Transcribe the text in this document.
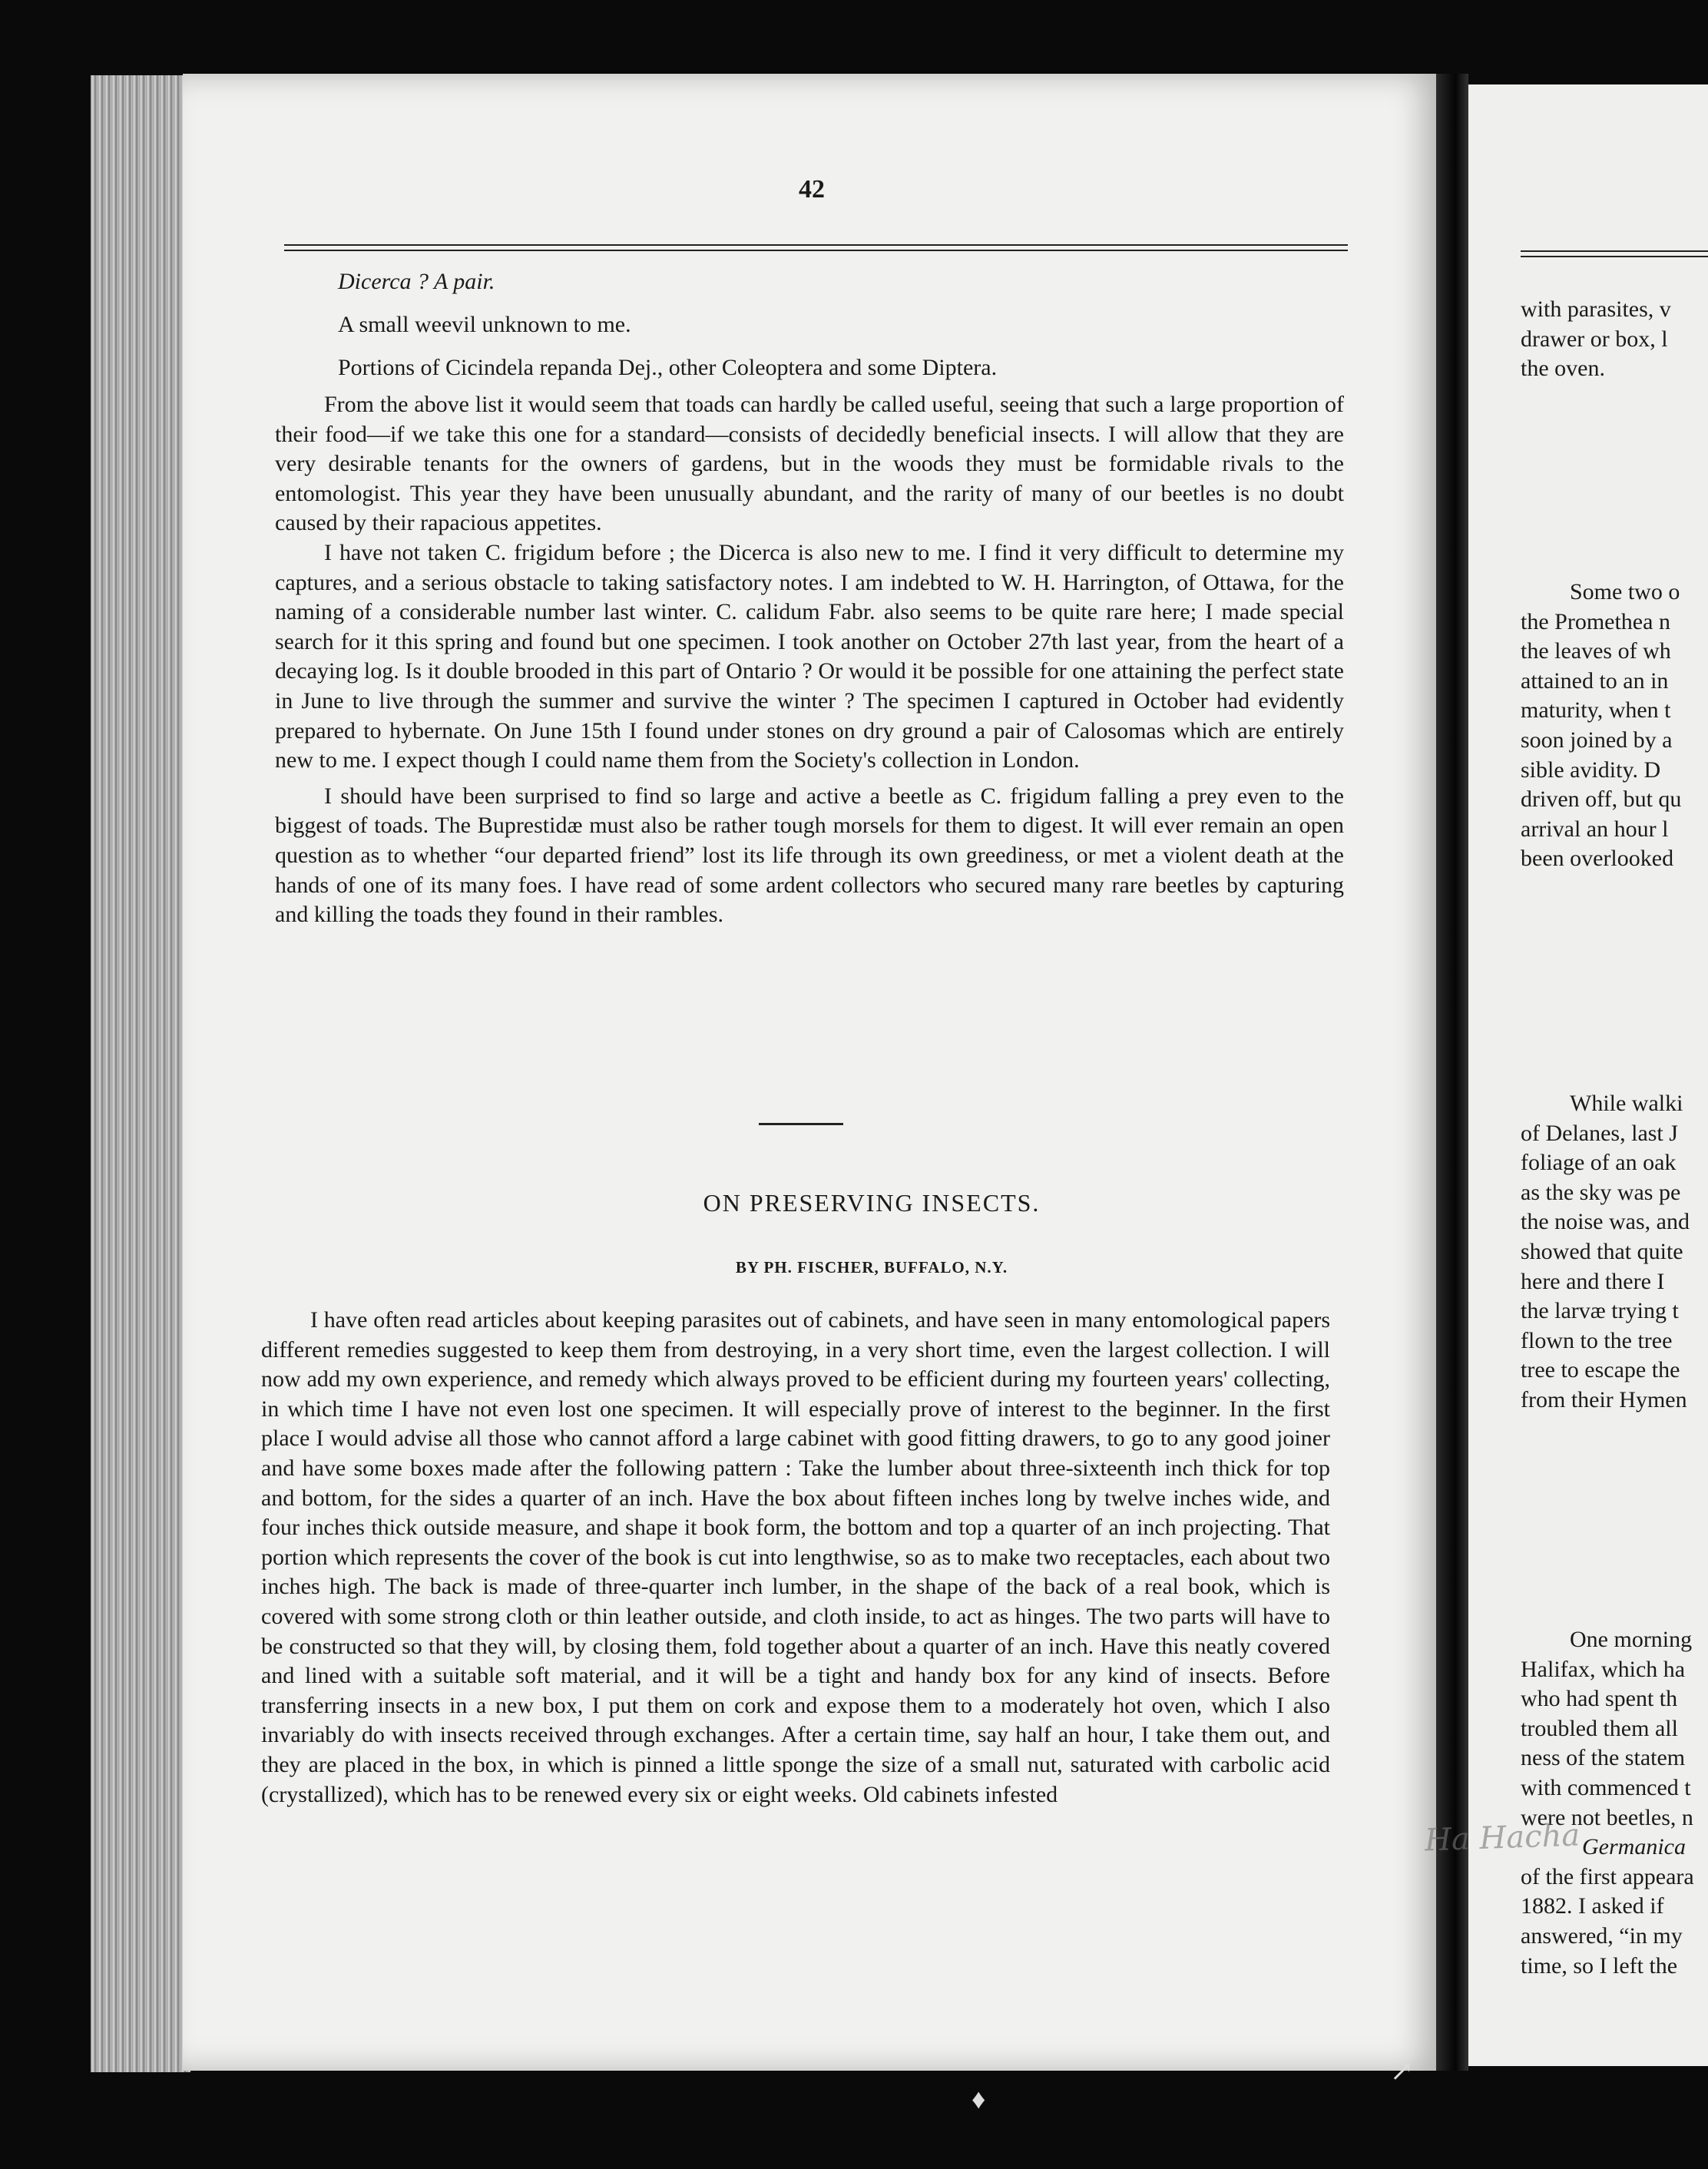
42
Dicerca ? A pair.
A small weevil unknown to me.
Portions of Cicindela repanda Dej., other Coleoptera and some Diptera.

From the above list it would seem that toads can hardly be called useful, seeing that such a large proportion of their food—if we take this one for a standard—consists of decidedly beneficial insects. I will allow that they are very desirable tenants for the owners of gardens, but in the woods they must be formidable rivals to the entomologist. This year they have been unusually abundant, and the rarity of many of our beetles is no doubt caused by their rapacious appetites.

I have not taken C. frigidum before ; the Dicerca is also new to me. I find it very difficult to determine my captures, and a serious obstacle to taking satisfactory notes. I am indebted to W. H. Harrington, of Ottawa, for the naming of a considerable number last winter. C. calidum Fabr. also seems to be quite rare here; I made special search for it this spring and found but one specimen. I took another on October 27th last year, from the heart of a decaying log. Is it double brooded in this part of Ontario ? Or would it be possible for one attaining the perfect state in June to live through the summer and survive the winter ? The specimen I captured in October had evidently prepared to hybernate. On June 15th I found under stones on dry ground a pair of Calosomas which are entirely new to me. I expect though I could name them from the Society's collection in London.

I should have been surprised to find so large and active a beetle as C. frigidum falling a prey even to the biggest of toads. The Buprestidæ must also be rather tough morsels for them to digest. It will ever remain an open question as to whether “our departed friend” lost its life through its own greediness, or met a violent death at the hands of one of its many foes. I have read of some ardent collectors who secured many rare beetles by capturing and killing the toads they found in their rambles.

ON PRESERVING INSECTS.
BY PH. FISCHER, BUFFALO, N.Y.

I have often read articles about keeping parasites out of cabinets, and have seen in many entomological papers different remedies suggested to keep them from destroying, in a very short time, even the largest collection. I will now add my own experience, and remedy which always proved to be efficient during my fourteen years' collecting, in which time I have not even lost one specimen. It will especially prove of interest to the beginner. In the first place I would advise all those who cannot afford a large cabinet with good fitting drawers, to go to any good joiner and have some boxes made after the following pattern : Take the lumber about three-sixteenth inch thick for top and bottom, for the sides a quarter of an inch. Have the box about fifteen inches long by twelve inches wide, and four inches thick outside measure, and shape it book form, the bottom and top a quarter of an inch projecting. That portion which represents the cover of the book is cut into lengthwise, so as to make two receptacles, each about two inches high. The back is made of three-quarter inch lumber, in the shape of the back of a real book, which is covered with some strong cloth or thin leather outside, and cloth inside, to act as hinges. The two parts will have to be constructed so that they will, by closing them, fold together about a quarter of an inch. Have this neatly covered and lined with a suitable soft material, and it will be a tight and handy box for any kind of insects. Before transferring insects in a new box, I put them on cork and expose them to a moderately hot oven, which I also invariably do with insects received through exchanges. After a certain time, say half an hour, I take them out, and they are placed in the box, in which is pinned a little sponge the size of a small nut, saturated with carbolic acid (crystallized), which has to be renewed every six or eight weeks. Old cabinets infested

with parasites, v
drawer or box, l
the oven.
Some two o
the Promethea n
the leaves of wh
attained to an in
maturity, when t
soon joined by a
sible avidity. D
driven off, but qu
arrival an hour l
been overlooked
While walki
of Delanes, last J
foliage of an oak
as the sky was pe
the noise was, and
showed that quite
here and there I
the larvæ trying t
flown to the tree
tree to escape the
from their Hymen
One morning
Halifax, which ha
who had spent th
troubled them all
ness of the statem
with commenced t
were not beetles, n
Germanica
of the first appeara
1882. I asked if
answered, “in my
time, so I left the
Ha Hacha
↗
♦
